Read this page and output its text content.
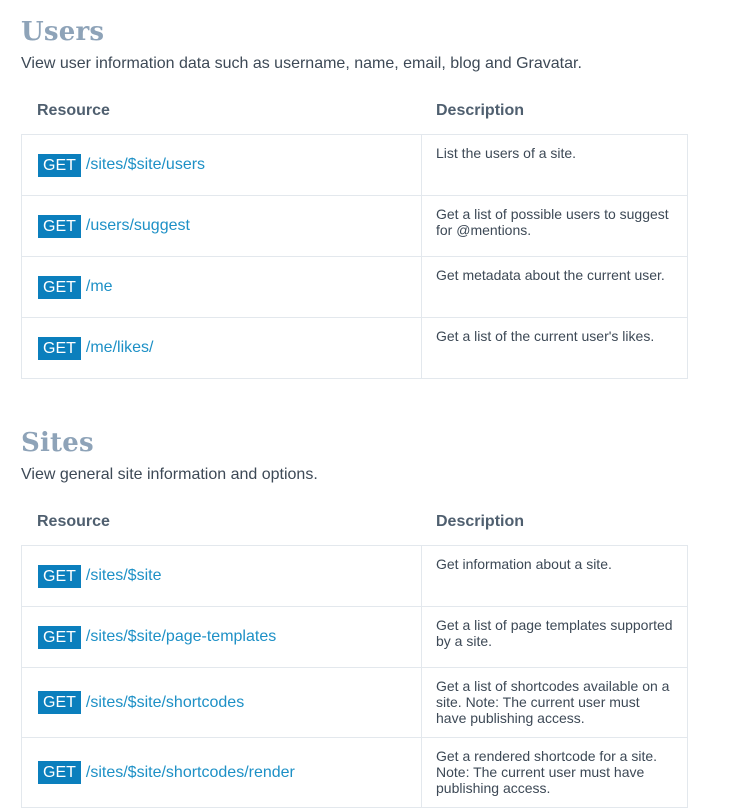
Users

View user information data such as username, name, email, blog and Gravatar.

Resource	Description
GET /sites/$site/users	List the users of a site.

GET /users/suggest	Get a list of possible users to suggest for @mentions.

GET /me	Get metadata about the current user.

GET /me/likes/	Get a list of the current user's likes.
Sites

View general site information and options.

Resource	Description
GET /sites/$site	Get information about a site.

GET /sites/$site/page-templates	Get a list of page templates supported by a site.

GET /sites/$site/shortcodes	Get a list of shortcodes available on a site. Note: The current user must have publishing access.

GET /sites/$site/shortcodes/render	Get a rendered shortcode for a site. Note: The current user must have publishing access.
